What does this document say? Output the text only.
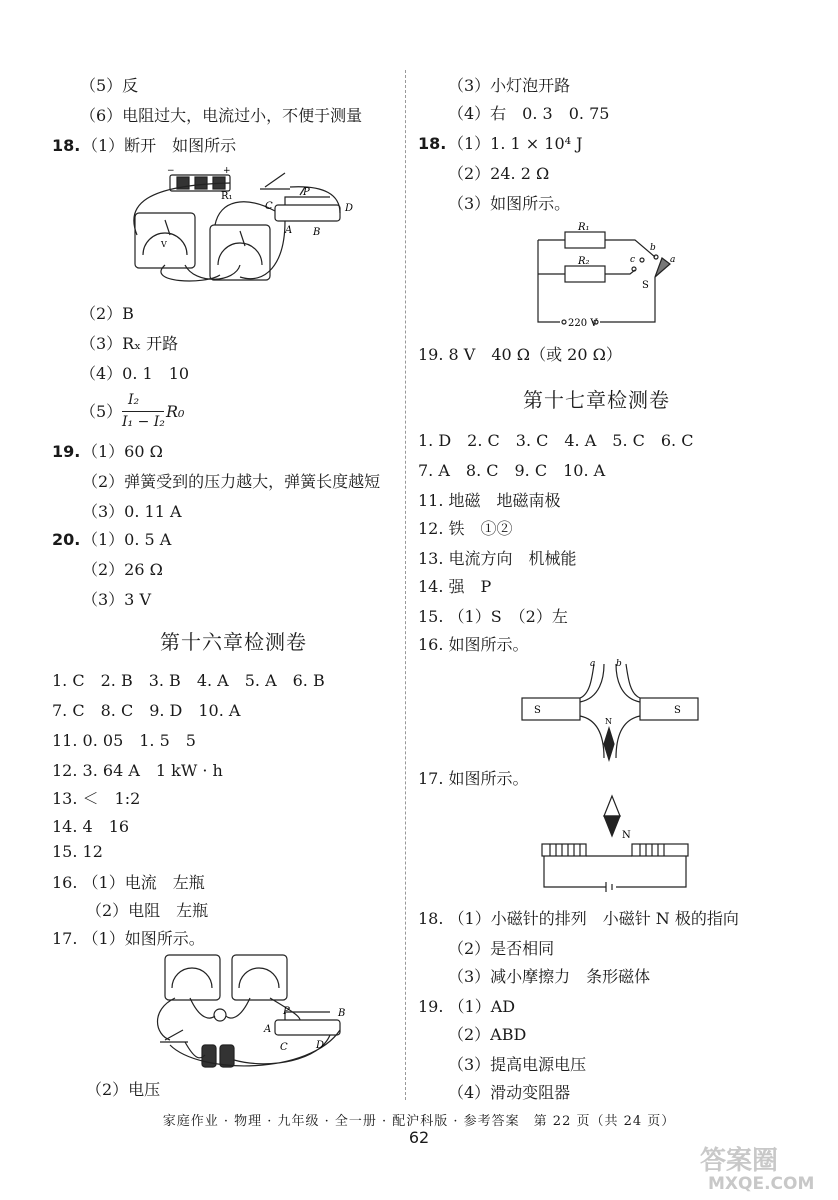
（5）反
（6）电阻过大，电流过小，不便于测量
18. （1）断开　如图所示
R₁
C	D
P
A B
V
+
−
（2）B
（3）Rₓ 开路
（4）0. 1　10
（5）
I₂
I₁ − I₂
R₀
19. （1）60 Ω
（2）弹簧受到的压力越大，弹簧长度越短
（3）0. 11 A
20. （1）0. 5 A
（2）26 Ω
（3）3 V
第十六章检测卷
1. C　2. B　3. B　4. A　5. A　6. B
7. C　8. C　9. D　10. A
11. 0. 05　1. 5　5
12. 3. 64 A　1 kW · h
13. ＜　1:2
14. 4　16
15. 12
16. （1）电流　左瓶
（2）电阻　左瓶
17. （1）如图所示。
P	B
A
C	D
（2）电压
（3）小灯泡开路
（4）右　0. 3　0. 75
18. （1）1. 1 × 10⁴ J
（2）24. 2 Ω
（3）如图所示。
R₁
R₂
220 V
S
a
b
c
19. 8 V　40 Ω（或 20 Ω）
第十七章检测卷
1. D　2. C　3. C　4. A　5. C　6. C
7. A　8. C　9. C　10. A
11. 地磁　地磁南极
12. 铁　①②
13. 电流方向　机械能
14. 强　P
15. （1）S　（2）左
16. 如图所示。
S	S
N
a b
17. 如图所示。
N
18. （1）小磁针的排列　小磁针 N 极的指向
（2）是否相同
（3）减小摩擦力　条形磁体
19. （1）AD
（2）ABD
（3）提高电源电压
（4）滑动变阻器
家庭作业 · 物理 · 九年级 · 全一册 · 配沪科版 · 参考答案　第 22 页（共 24 页）
62
答案圈
MXQE.COM
